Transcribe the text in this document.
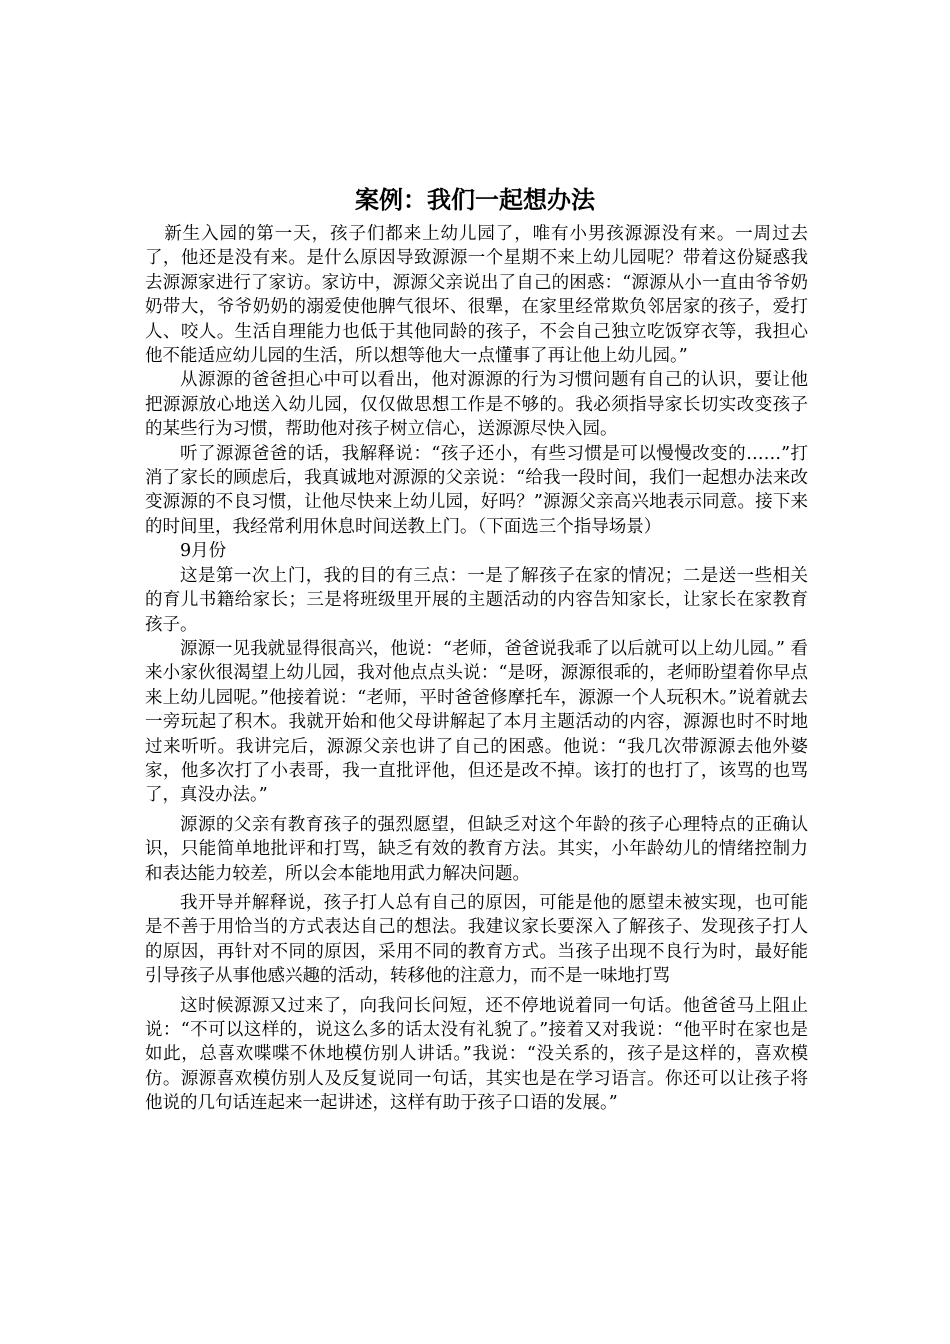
案例：我们一起想办法

新生入园的第一天，孩子们都来上幼儿园了，唯有小男孩源源没有来。一周过去了，他还是没有来。是什么原因导致源源一个星期不来上幼儿园呢？带着这份疑惑我去源源家进行了家访。家访中，源源父亲说出了自己的困惑：“源源从小一直由爷爷奶奶带大，爷爷奶奶的溺爱使他脾气很坏、很犟，在家里经常欺负邻居家的孩子，爱打人、咬人。生活自理能力也低于其他同龄的孩子，不会自己独立吃饭穿衣等，我担心他不能适应幼儿园的生活，所以想等他大一点懂事了再让他上幼儿园。”

从源源的爸爸担心中可以看出，他对源源的行为习惯问题有自己的认识，要让他把源源放心地送入幼儿园，仅仅做思想工作是不够的。我必须指导家长切实改变孩子的某些行为习惯，帮助他对孩子树立信心，送源源尽快入园。

听了源源爸爸的话，我解释说：“孩子还小，有些习惯是可以慢慢改变的……”打消了家长的顾虑后，我真诚地对源源的父亲说：“给我一段时间，我们一起想办法来改变源源的不良习惯，让他尽快来上幼儿园，好吗？”源源父亲高兴地表示同意。接下来的时间里，我经常利用休息时间送教上门。（下面选三个指导场景）

9月份

这是第一次上门，我的目的有三点：一是了解孩子在家的情况；二是送一些相关的育儿书籍给家长；三是将班级里开展的主题活动的内容告知家长，让家长在家教育孩子。

源源一见我就显得很高兴，他说：“老师，爸爸说我乖了以后就可以上幼儿园。” 看来小家伙很渴望上幼儿园，我对他点点头说：“是呀，源源很乖的，老师盼望着你早点来上幼儿园呢。”他接着说：“老师，平时爸爸修摩托车，源源一个人玩积木。”说着就去一旁玩起了积木。我就开始和他父母讲解起了本月主题活动的内容，源源也时不时地过来听听。我讲完后，源源父亲也讲了自己的困惑。他说：“我几次带源源去他外婆家，他多次打了小表哥，我一直批评他，但还是改不掉。该打的也打了，该骂的也骂了，真没办法。”

源源的父亲有教育孩子的强烈愿望，但缺乏对这个年龄的孩子心理特点的正确认识，只能简单地批评和打骂，缺乏有效的教育方法。其实，小年龄幼儿的情绪控制力和表达能力较差，所以会本能地用武力解决问题。

我开导并解释说，孩子打人总有自己的原因，可能是他的愿望未被实现，也可能是不善于用恰当的方式表达自己的想法。我建议家长要深入了解孩子、发现孩子打人的原因，再针对不同的原因，采用不同的教育方式。当孩子出现不良行为时，最好能引导孩子从事他感兴趣的活动，转移他的注意力，而不是一味地打骂

这时候源源又过来了，向我问长问短，还不停地说着同一句话。他爸爸马上阻止说：“不可以这样的，说这么多的话太没有礼貌了。”接着又对我说：“他平时在家也是如此，总喜欢喋喋不休地模仿别人讲话。”我说：“没关系的，孩子是这样的，喜欢模仿。源源喜欢模仿别人及反复说同一句话，其实也是在学习语言。你还可以让孩子将他说的几句话连起来一起讲述，这样有助于孩子口语的发展。”
